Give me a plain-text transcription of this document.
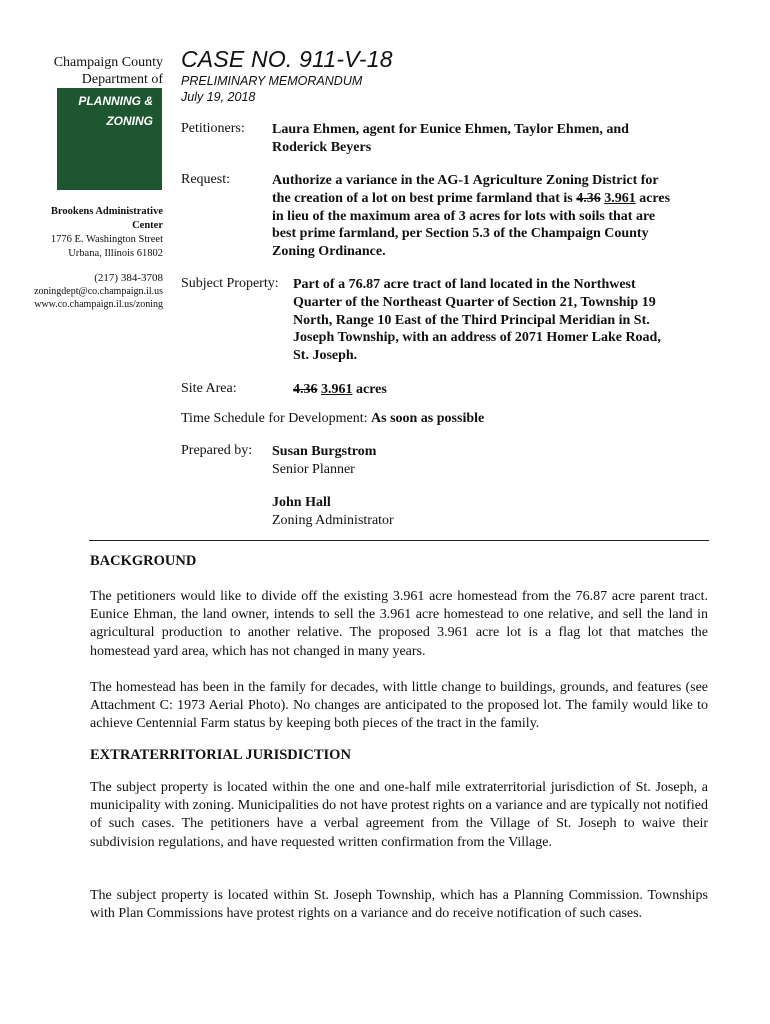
Champaign County
Department of
PLANNING &
ZONING
Brookens Administrative
Center
1776 E. Washington Street
Urbana, Illinois 61802
(217) 384-3708
zoningdept@co.champaign.il.us
www.co.champaign.il.us/zoning
CASE NO. 911-V-18
PRELIMINARY MEMORANDUM
July 19, 2018
Petitioners: Laura Ehmen, agent for Eunice Ehmen, Taylor Ehmen, and
Roderick Beyers
Request:	Authorize a variance in the AG-1 Agriculture Zoning District for
the creation of a lot on best prime farmland that is 4.36 3.961 acres
in lieu of the maximum area of 3 acres for lots with soils that are
best prime farmland, per Section 5.3 of the Champaign County
Zoning Ordinance.
Subject Property: Part of a 76.87 acre tract of land located in the Northwest
Quarter of the Northeast Quarter of Section 21, Township 19
North, Range 10 East of the Third Principal Meridian in St.
Joseph Township, with an address of 2071 Homer Lake Road,
St. Joseph.
Site Area:	4.36 3.961 acres
Time Schedule for Development: As soon as possible
Prepared by: Susan Burgstrom
Senior Planner
John Hall
Zoning Administrator
BACKGROUND
The petitioners would like to divide off the existing 3.961 acre homestead from the 76.87 acre parent tract. Eunice Ehman, the land owner, intends to sell the 3.961 acre homestead to one relative, and sell the land in agricultural production to another relative. The proposed 3.961 acre lot is a flag lot that matches the homestead yard area, which has not changed in many years.
The homestead has been in the family for decades, with little change to buildings, grounds, and features (see Attachment C: 1973 Aerial Photo). No changes are anticipated to the proposed lot. The family would like to achieve Centennial Farm status by keeping both pieces of the tract in the family.
EXTRATERRITORIAL JURISDICTION
The subject property is located within the one and one-half mile extraterritorial jurisdiction of St. Joseph, a municipality with zoning. Municipalities do not have protest rights on a variance and are typically not notified of such cases. The petitioners have a verbal agreement from the Village of St. Joseph to waive their subdivision regulations, and have requested written confirmation from the Village.
The subject property is located within St. Joseph Township, which has a Planning Commission. Townships with Plan Commissions have protest rights on a variance and do receive notification of such cases.
